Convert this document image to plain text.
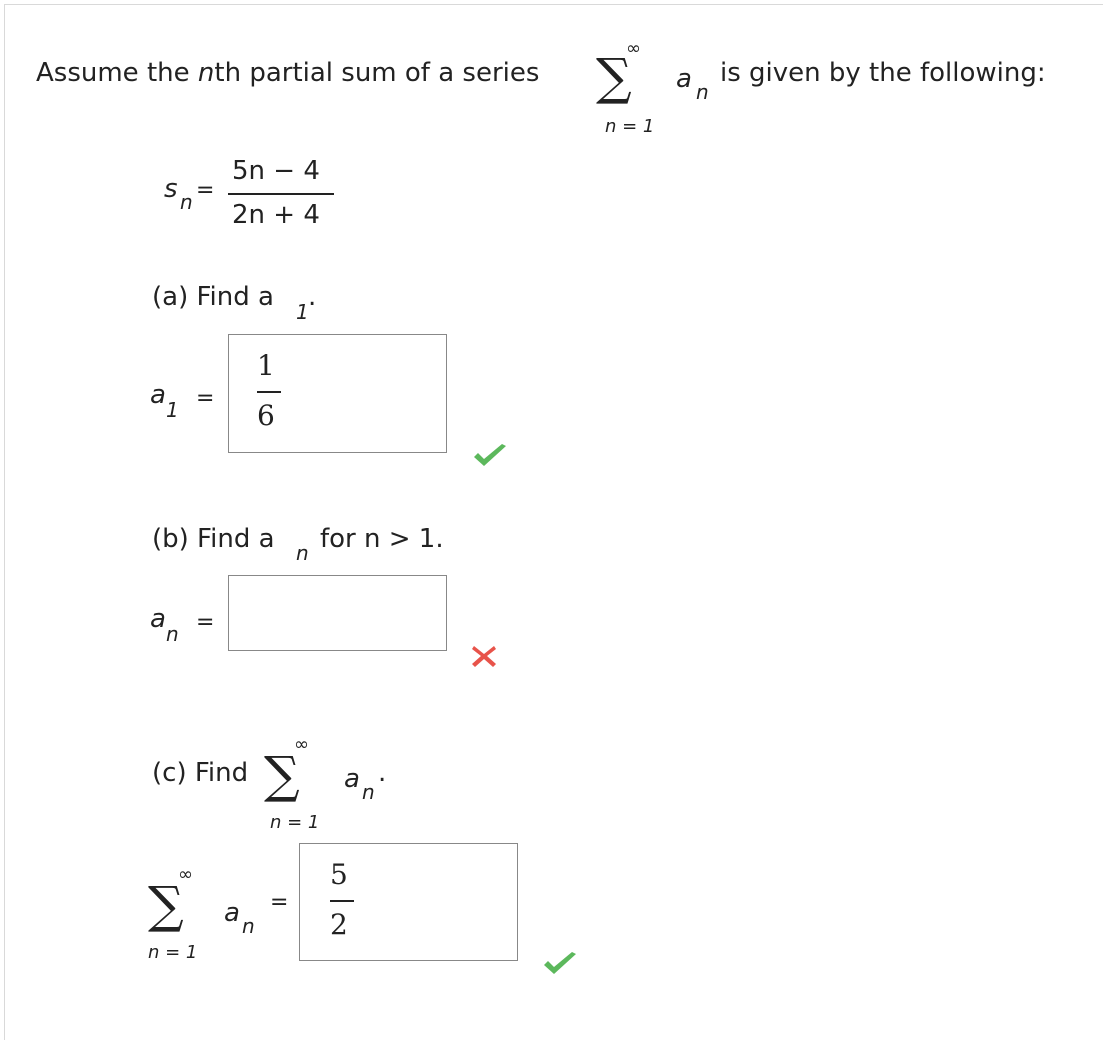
Assume the nth partial sum of a series
∞
∑
n = 1
a n
is given by the following:
s n =
5n − 4
2n + 4
(a) Find a 1 .
a 1 =
1
6
(b) Find a n for n > 1.
a n =
(c) Find
∞
∑
n = 1
a n
.
∞
∑
n = 1
a n
=
5
2
